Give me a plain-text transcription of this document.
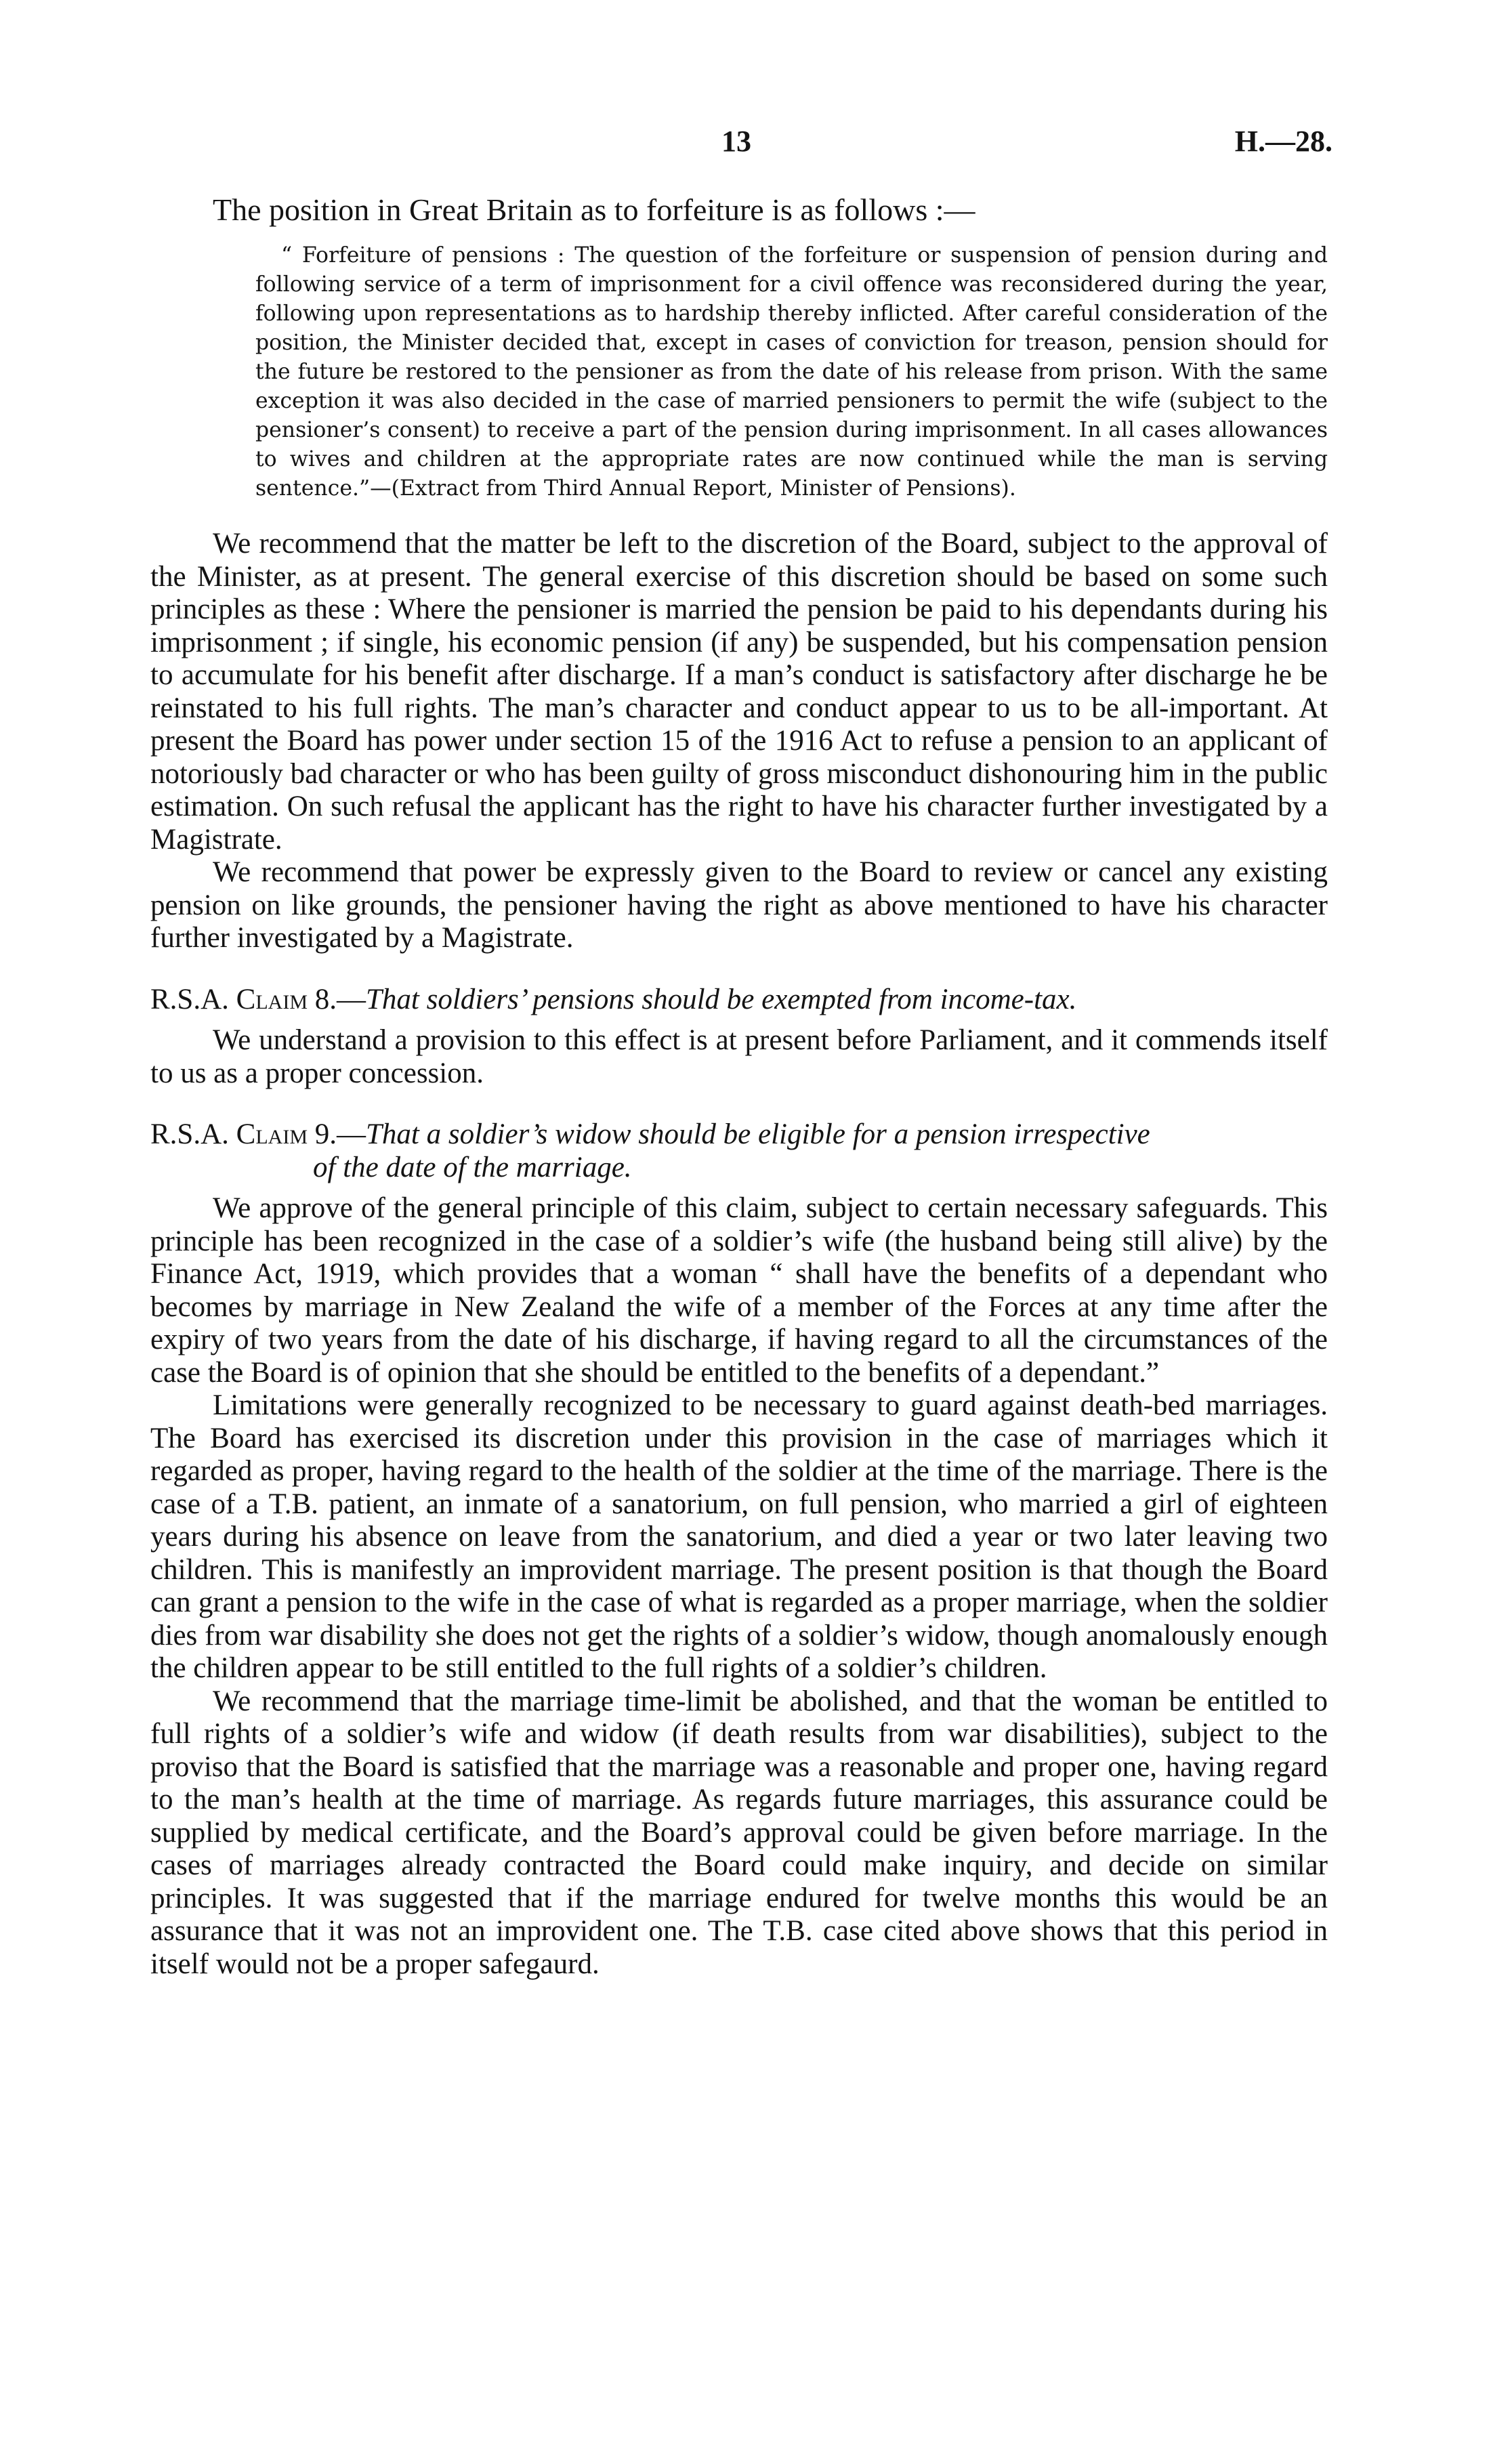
13	H.—28.

The position in Great Britain as to forfeiture is as follows :—

“ Forfeiture of pensions : The question of the forfeiture or suspension of pension during and following service of a term of imprisonment for a civil offence was reconsidered during the year, following upon representations as to hardship thereby inflicted. After careful consideration of the position, the Minister decided that, except in cases of conviction for treason, pension should for the future be restored to the pensioner as from the date of his release from prison. With the same exception it was also decided in the case of married pensioners to permit the wife (subject to the pensioner’s consent) to receive a part of the pension during imprisonment. In all cases allowances to wives and children at the appropriate rates are now continued while the man is serving sentence.”—(Extract from Third Annual Report, Minister of Pensions).

We recommend that the matter be left to the discretion of the Board, subject to the approval of the Minister, as at present. The general exercise of this discretion should be based on some such principles as these : Where the pensioner is married the pension be paid to his dependants during his imprisonment ; if single, his economic pension (if any) be suspended, but his compensation pension to accumulate for his benefit after discharge. If a man’s conduct is satisfactory after discharge he be reinstated to his full rights. The man’s character and conduct appear to us to be all-important. At present the Board has power under section 15 of the 1916 Act to refuse a pension to an applicant of notoriously bad character or who has been guilty of gross misconduct dishonouring him in the public estimation. On such refusal the applicant has the right to have his character further investigated by a Magistrate.

We recommend that power be expressly given to the Board to review or cancel any existing pension on like grounds, the pensioner having the right as above mentioned to have his character further investigated by a Magistrate.

R.S.A. Claim 8.—That soldiers’ pensions should be exempted from income-tax.

We understand a provision to this effect is at present before Parliament, and it commends itself to us as a proper concession.

R.S.A. Claim 9.—That a soldier’s widow should be eligible for a pension irrespective
of the date of the marriage.

We approve of the general principle of this claim, subject to certain necessary safeguards. This principle has been recognized in the case of a soldier’s wife (the husband being still alive) by the Finance Act, 1919, which provides that a woman “ shall have the benefits of a dependant who becomes by marriage in New Zealand the wife of a member of the Forces at any time after the expiry of two years from the date of his discharge, if having regard to all the circumstances of the case the Board is of opinion that she should be entitled to the benefits of a dependant.”

Limitations were generally recognized to be necessary to guard against death-bed marriages. The Board has exercised its discretion under this provision in the case of marriages which it regarded as proper, having regard to the health of the soldier at the time of the marriage. There is the case of a T.B. patient, an inmate of a sanatorium, on full pension, who married a girl of eighteen years during his absence on leave from the sanatorium, and died a year or two later leaving two children. This is manifestly an improvident marriage. The present position is that though the Board can grant a pension to the wife in the case of what is regarded as a proper marriage, when the soldier dies from war disability she does not get the rights of a soldier’s widow, though anomalously enough the children appear to be still entitled to the full rights of a soldier’s children.

We recommend that the marriage time-limit be abolished, and that the woman be entitled to full rights of a soldier’s wife and widow (if death results from war disabilities), subject to the proviso that the Board is satisfied that the marriage was a reasonable and proper one, having regard to the man’s health at the time of marriage. As regards future marriages, this assurance could be supplied by medical certificate, and the Board’s approval could be given before marriage. In the cases of marriages already contracted the Board could make inquiry, and decide on similar principles. It was suggested that if the marriage endured for twelve months this would be an assurance that it was not an improvident one. The T.B. case cited above shows that this period in itself would not be a proper safegaurd.
